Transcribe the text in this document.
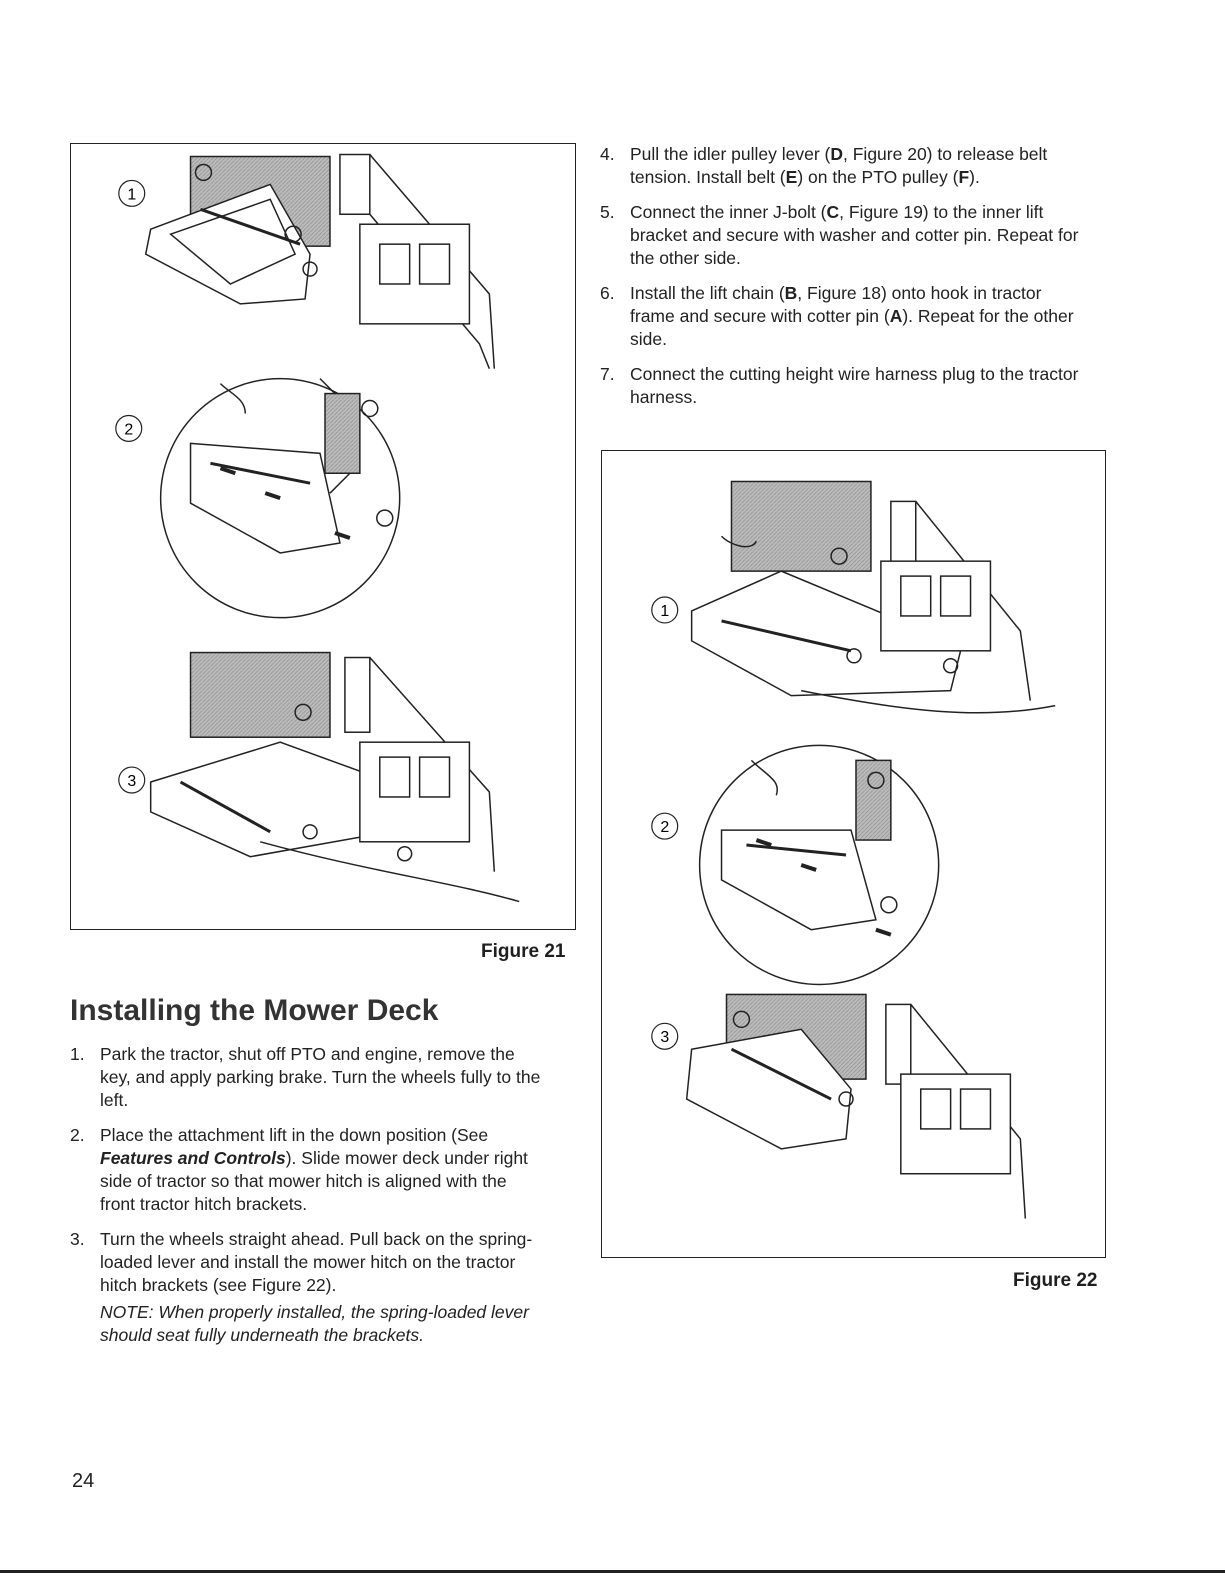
1
2
3
Figure 21
Installing the Mower Deck
1. Park the tractor, shut off PTO and engine, remove the key, and apply parking brake. Turn the wheels fully to the left.
2. Place the attachment lift in the down position (See Features and Controls). Slide mower deck under right side of tractor so that mower hitch is aligned with the front tractor hitch brackets.
3. Turn the wheels straight ahead. Pull back on the spring-loaded lever and install the mower hitch on the tractor hitch brackets (see Figure 22).
NOTE: When properly installed, the spring-loaded lever should seat fully underneath the brackets.
4. Pull the idler pulley lever (D, Figure 20) to release belt tension. Install belt (E) on the PTO pulley (F).
5. Connect the inner J-bolt (C, Figure 19) to the inner lift bracket and secure with washer and cotter pin. Repeat for the other side.
6. Install the lift chain (B, Figure 18) onto hook in tractor frame and secure with cotter pin (A). Repeat for the other side.
7. Connect the cutting height wire harness plug to the tractor harness.
1
2
3
Figure 22
24
